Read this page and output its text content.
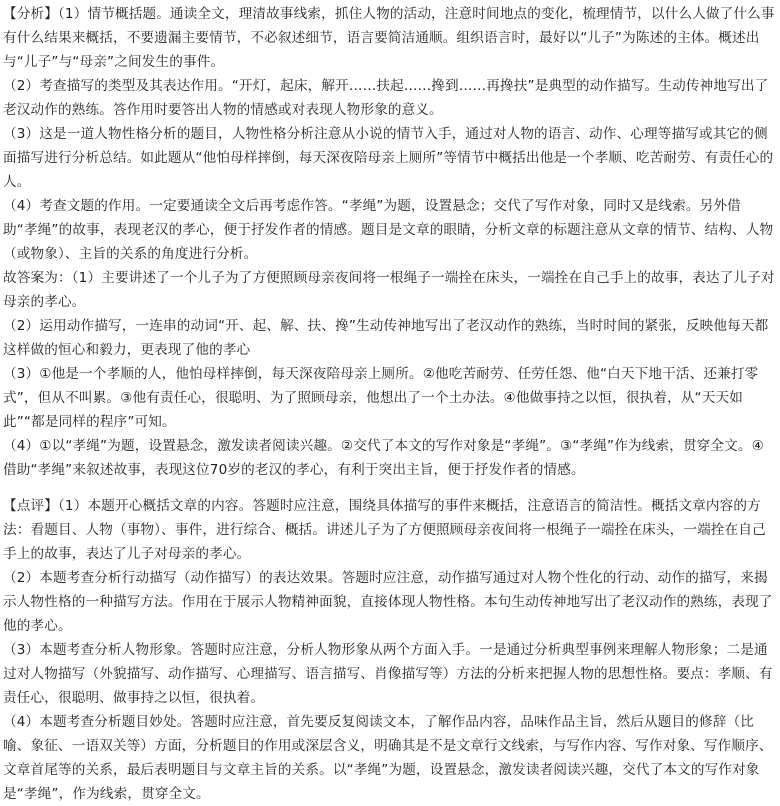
【分析】（1）情节概括题。通读全文，理清故事线索，抓住人物的活动，注意时间地点的变化，梳理情节，以什么人做了什么事有什么结果来概括，不要遗漏主要情节，不必叙述细节，语言要简洁通顺。组织语言时，最好以“儿子”为陈述的主体。概述出与“儿子”与“母亲”之间发生的事件。

（2）考查描写的类型及其表达作用。“开灯，起床，解开……扶起……搀到……再搀扶”是典型的动作描写。生动传神地写出了老汉动作的熟练。答作用时要答出人物的情感或对表现人物形象的意义。

（3）这是一道人物性格分析的题目，人物性格分析注意从小说的情节入手，通过对人物的语言、动作、心理等描写或其它的侧面描写进行分析总结。如此题从“他怕母样摔倒，每天深夜陪母亲上厕所”等情节中概括出他是一个孝顺、吃苦耐劳、有责任心的人。

（4）考查文题的作用。一定要通读全文后再考虑作答。“孝绳”为题，设置悬念；交代了写作对象，同时又是线索。另外借助“孝绳”的故事，表现老汉的孝心，便于抒发作者的情感。题目是文章的眼睛，分析文章的标题注意从文章的情节、结构、人物（或物象）、主旨的关系的角度进行分析。

故答案为：（1）主要讲述了一个儿子为了方便照顾母亲夜间将一根绳子一端拴在床头，一端拴在自己手上的故事，表达了儿子对母亲的孝心。

（2）运用动作描写，一连串的动词“开、起、解、扶、搀”生动传神地写出了老汉动作的熟练，当时时间的紧张，反映他每天都这样做的恒心和毅力，更表现了他的孝心

（3）①他是一个孝顺的人，他怕母样摔倒，每天深夜陪母亲上厕所。②他吃苦耐劳、任劳任怨、他“白天下地干活、还兼打零式”，但从不叫累。③他有责任心，很聪明、为了照顾母亲，他想出了一个土办法。④他做事持之以恒，很执着，从“天天如此”“都是同样的程序”可知。

（4）①以“孝绳”为题，设置悬念，激发读者阅读兴趣。②交代了本文的写作对象是“孝绳”。③“孝绳”作为线索，贯穿全文。④借助“孝绳”来叙述故事，表现这位70岁的老汉的孝心，有利于突出主旨，便于抒发作者的情感。

【点评】（1）本题开心概括文章的内容。答题时应注意，围绕具体描写的事件来概括，注意语言的简洁性。概括文章内容的方法：看题目、人物（事物）、事件，进行综合、概括。讲述儿子为了方便照顾母亲夜间将一根绳子一端拴在床头，一端拴在自己手上的故事，表达了儿子对母亲的孝心。

（2）本题考查分析行动描写（动作描写）的表达效果。答题时应注意，动作描写通过对人物个性化的行动、动作的描写，来揭示人物性格的一种描写方法。作用在于展示人物精神面貌，直接体现人物性格。本句生动传神地写出了老汉动作的熟练，表现了他的孝心。

（3）本题考查分析人物形象。答题时应注意，分析人物形象从两个方面入手。一是通过分析典型事例来理解人物形象；二是通过对人物描写（外貌描写、动作描写、心理描写、语言描写、肖像描写等）方法的分析来把握人物的思想性格。要点：孝顺、有责任心，很聪明、做事持之以恒，很执着。

（4）本题考查分析题目妙处。答题时应注意，首先要反复阅读文本，了解作品内容，品味作品主旨，然后从题目的修辞（比喻、象征、一语双关等）方面，分析题目的作用或深层含义，明确其是不是文章行文线索，与写作内容、写作对象、写作顺序、文章首尾等的关系，最后表明题目与文章主旨的关系。以“孝绳”为题，设置悬念，激发读者阅读兴趣，交代了本文的写作对象是“孝绳”，作为线索，贯穿全文。
